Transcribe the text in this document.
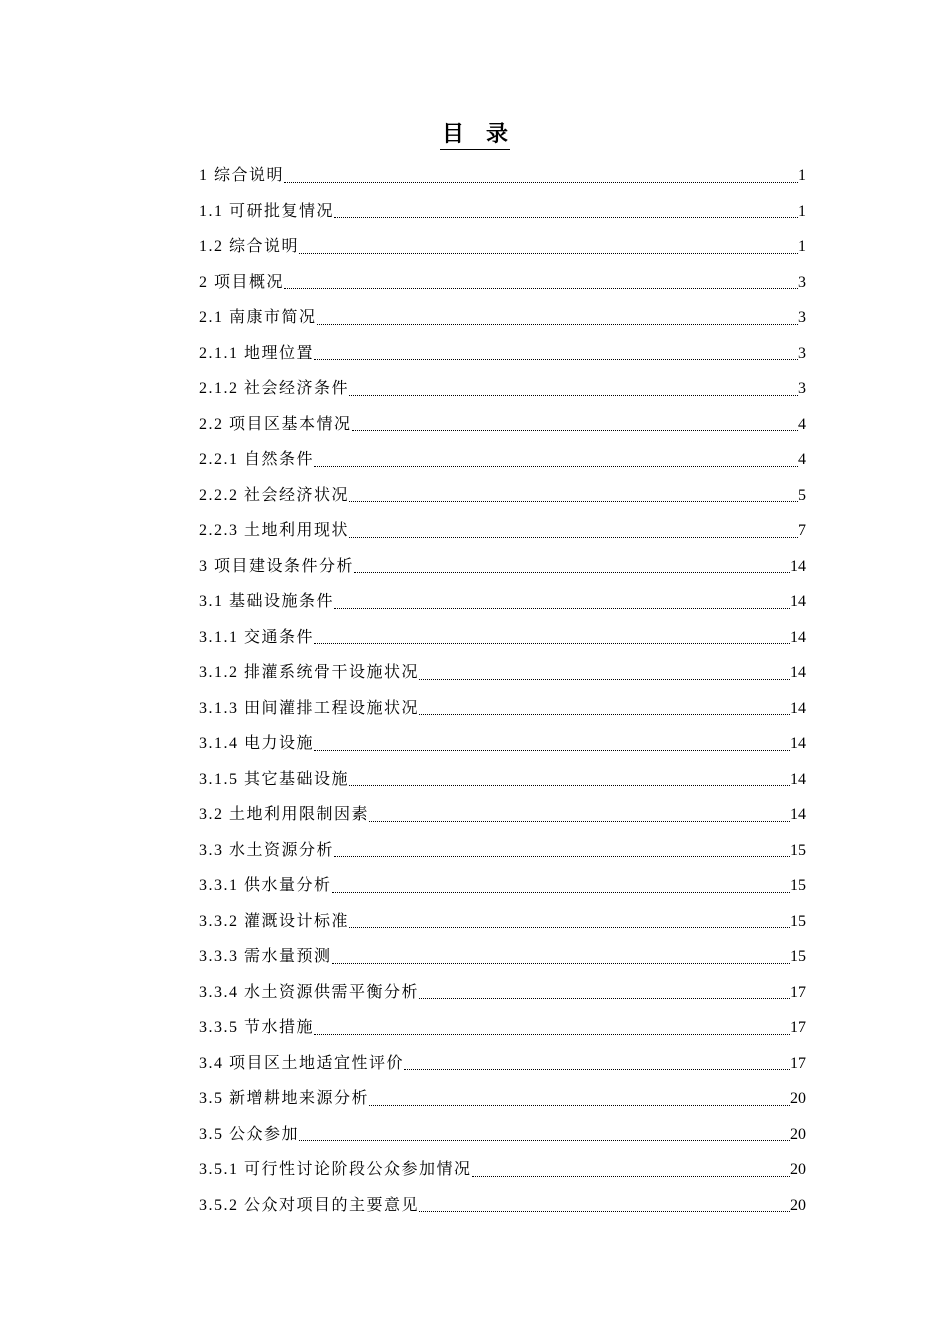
目　录
1 综合说明	1
1.1 可研批复情况	1
1.2 综合说明	1
2 项目概况	3
2.1 南康市简况	3
2.1.1 地理位置	3
2.1.2 社会经济条件	3
2.2 项目区基本情况	4
2.2.1 自然条件	4
2.2.2 社会经济状况	5
2.2.3 土地利用现状	7
3 项目建设条件分析	14
3.1 基础设施条件	14
3.1.1 交通条件	14
3.1.2 排灌系统骨干设施状况	14
3.1.3 田间灌排工程设施状况	14
3.1.4 电力设施	14
3.1.5 其它基础设施	14
3.2 土地利用限制因素	14
3.3 水土资源分析	15
3.3.1 供水量分析	15
3.3.2 灌溉设计标准	15
3.3.3 需水量预测	15
3.3.4 水土资源供需平衡分析	17
3.3.5 节水措施	17
3.4 项目区土地适宜性评价	17
3.5 新增耕地来源分析	20
3.5 公众参加	20
3.5.1 可行性讨论阶段公众参加情况	20
3.5.2 公众对项目的主要意见	20
